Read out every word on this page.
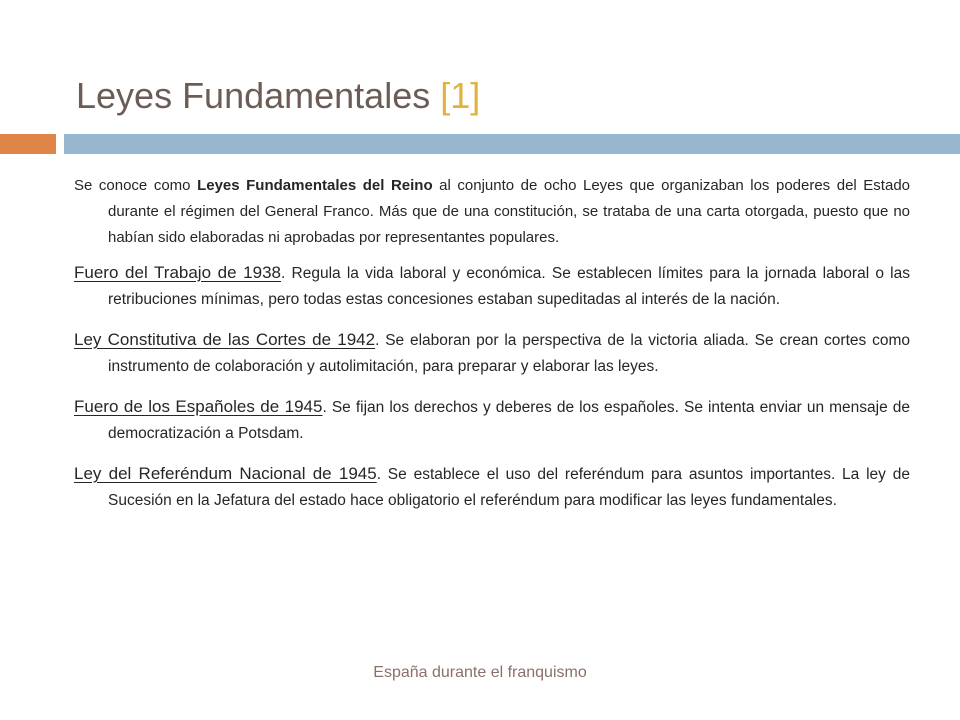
Leyes Fundamentales [1]

Se conoce como Leyes Fundamentales del Reino al conjunto de ocho Leyes que organizaban los poderes del Estado durante el régimen del General Franco. Más que de una constitución, se trataba de una carta otorgada, puesto que no habían sido elaboradas ni aprobadas por representantes populares.

Fuero del Trabajo de 1938. Regula la vida laboral y económica. Se establecen límites para la jornada laboral o las retribuciones mínimas, pero todas estas concesiones estaban supeditadas al interés de la nación.

Ley Constitutiva de las Cortes de 1942. Se elaboran por la perspectiva de la victoria aliada. Se crean cortes como instrumento de colaboración y autolimitación, para preparar y elaborar las leyes.

Fuero de los Españoles de 1945. Se fijan los derechos y deberes de los españoles. Se intenta enviar un mensaje de democratización a Potsdam.

Ley del Referéndum Nacional de 1945. Se establece el uso del referéndum para asuntos importantes. La ley de Sucesión en la Jefatura del estado hace obligatorio el referéndum para modificar las leyes fundamentales.

España durante el franquismo
